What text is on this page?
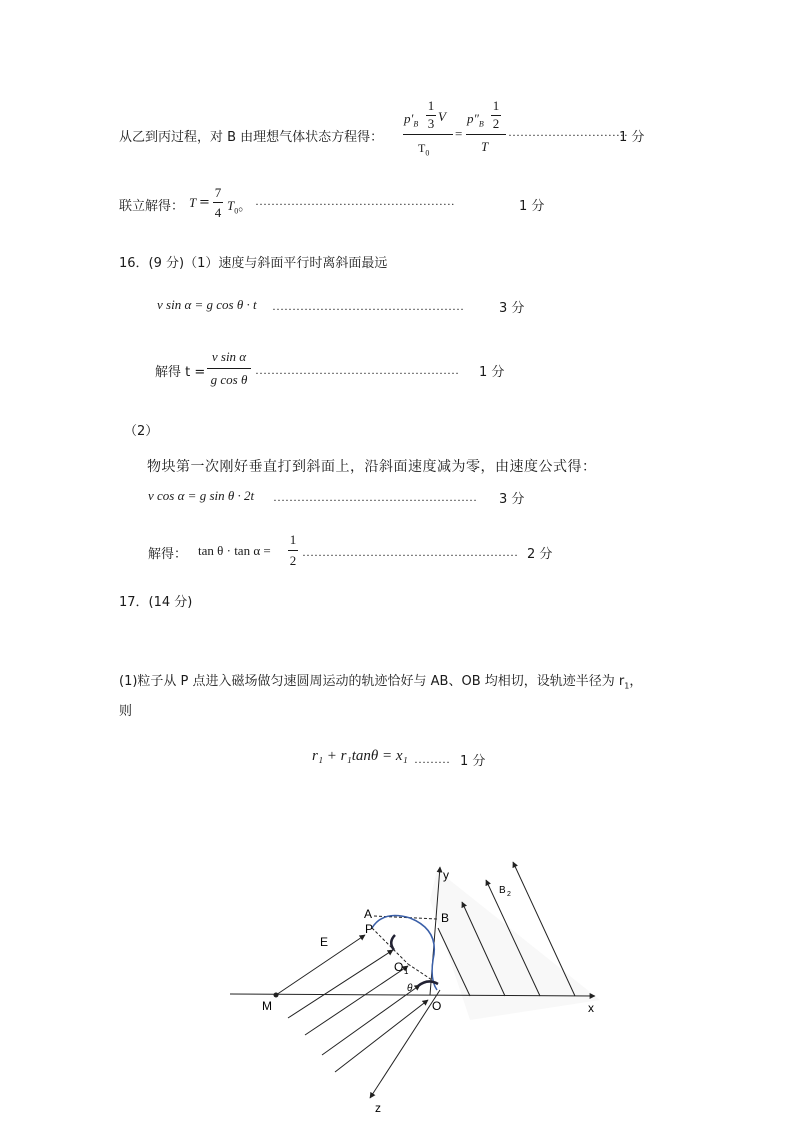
从乙到丙过程，对 B 由理想气体状态方程得：
$p'_B$
1
3 V
$T_0$
=
$p''_B$
1
2
T
······························
1 分
联立解得： T =
7
4 $T_0$。 ··················································	1 分
16．(9 分)（1）速度与斜面平行时离斜面最远
v sin α = g cos θ · t …………………………………………	3 分
解得 t =
v sin α
g cos θ
…………………………………………… 1 分
（2）
物块第一次刚好垂直打到斜面上，沿斜面速度减为零，由速度公式得：
v cos α = g sin θ · 2t …………………………………………… 3 分
解得： tan θ · tan α =
1
2
……………………………………………… 2 分
17．(14 分)
(1)粒子从 P 点进入磁场做匀速圆周运动的轨迹恰好与 AB、OB 均相切，设轨迹半径为 $r_1$，
则
r₁ + r₁tanθ = x₁ ……… 1 分
y
x
z
A	B
P
E
O 1
θ
M	O
B 2
